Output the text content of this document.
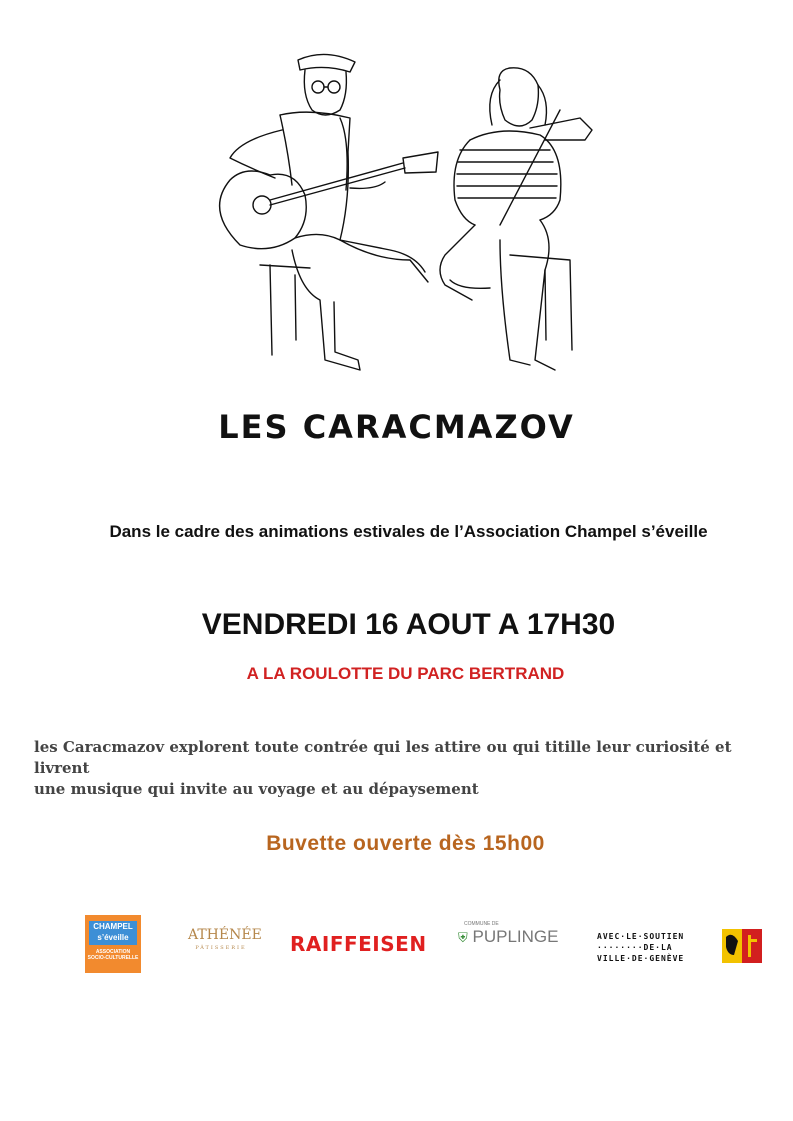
LES CARACMAZOV
Dans le cadre des animations estivales de l’Association Champel s’éveille
VENDREDI 16 AOUT A 17H30
A LA ROULOTTE DU PARC BERTRAND
les Caracmazov explorent toute contrée qui les attire ou qui titille leur curiosité et livrent
une musique qui invite au voyage et au dépaysement
Buvette ouverte dès 15h00
CHAMPEL
s’éveille
ASSOCIATION SOCIO-CULTURELLE
ATHÉNÉE
PÂTISSERIE	RAIFFEISEN
COMMUNE DE
⛨ PUPLINGE	AVEC·LE·SOUTIEN
········DE·LA
VILLE·DE·GENÈVE
